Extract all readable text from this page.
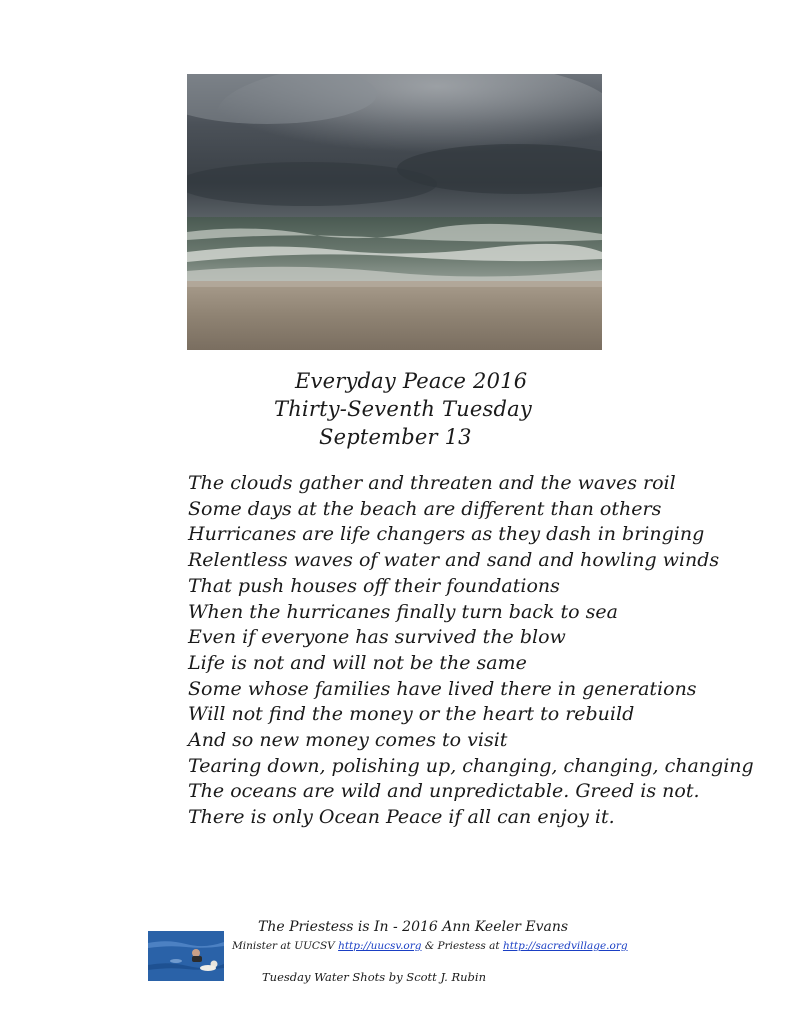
Everyday Peace 2016
Thirty-Seventh Tuesday
September 13
The clouds gather and threaten and the waves roil
Some days at the beach are different than others
Hurricanes are life changers as they dash in bringing
Relentless waves of water and sand and howling winds
That push houses off their foundations
When the hurricanes finally turn back to sea
Even if everyone has survived the blow
Life is not and will not be the same
Some whose families have lived there in generations
Will not find the money or the heart to rebuild
And so new money comes to visit
Tearing down, polishing up, changing, changing, changing
The oceans are wild and unpredictable. Greed is not.
There is only Ocean Peace if all can enjoy it.
The Priestess is In - 2016 Ann Keeler Evans
Minister at UUCSV http://uucsv.org & Priestess at http://sacredvillage.org
Tuesday Water Shots by Scott J. Rubin
